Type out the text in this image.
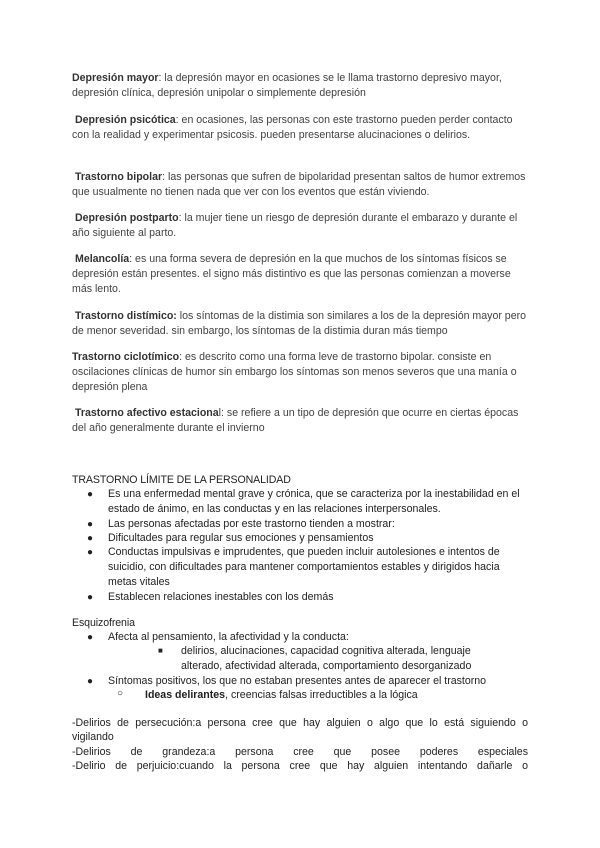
Depresión mayor: la depresión mayor en ocasiones se le llama trastorno depresivo mayor, depresión clínica, depresión unipolar o simplemente depresión

Depresión psicótica: en ocasiones, las personas con este trastorno pueden perder contacto con la realidad y experimentar psicosis. pueden presentarse alucinaciones o delirios.

Trastorno bipolar: las personas que sufren de bipolaridad presentan saltos de humor extremos que usualmente no tienen nada que ver con los eventos que están viviendo.

Depresión postparto: la mujer tiene un riesgo de depresión durante el embarazo y durante el año siguiente al parto.

Melancolía: es una forma severa de depresión en la que muchos de los síntomas físicos se depresión están presentes. el signo más distintivo es que las personas comienzan a moverse más lento.

Trastorno distímico: los síntomas de la distimia son similares a los de la depresión mayor pero de menor severidad. sin embargo, los síntomas de la distimia duran más tiempo

Trastorno ciclotímico: es descrito como una forma leve de trastorno bipolar. consiste en oscilaciones clínicas de humor sin embargo los síntomas son menos severos que una manía o depresión plena

Trastorno afectivo estacional: se refiere a un tipo de depresión que ocurre en ciertas épocas del año generalmente durante el invierno

TRASTORNO LÍMITE DE LA PERSONALIDAD

● Es una enfermedad mental grave y crónica, que se caracteriza por la inestabilidad en el estado de ánimo, en las conductas y en las relaciones interpersonales.

● Las personas afectadas por este trastorno tienden a mostrar:

● Dificultades para regular sus emociones y pensamientos

● Conductas impulsivas e imprudentes, que pueden incluir autolesiones e intentos de suicidio, con dificultades para mantener comportamientos estables y dirigidos hacia metas vitales

● Establecen relaciones inestables con los demás

Esquizofrenia

● Afecta al pensamiento, la afectividad y la conducta:

■ delirios, alucinaciones, capacidad cognitiva alterada, lenguaje alterado, afectividad alterada, comportamiento desorganizado

● Síntomas positivos, los que no estaban presentes antes de aparecer el trastorno

○ Ideas delirantes, creencias falsas irreductibles a la lógica

-Delirios de persecución:a persona cree que hay alguien o algo que lo está siguiendo o

vigilando

-Delirios de grandeza:a persona cree que posee poderes especiales

-Delirio de perjuicio:cuando la persona cree que hay alguien intentando dañarle o
